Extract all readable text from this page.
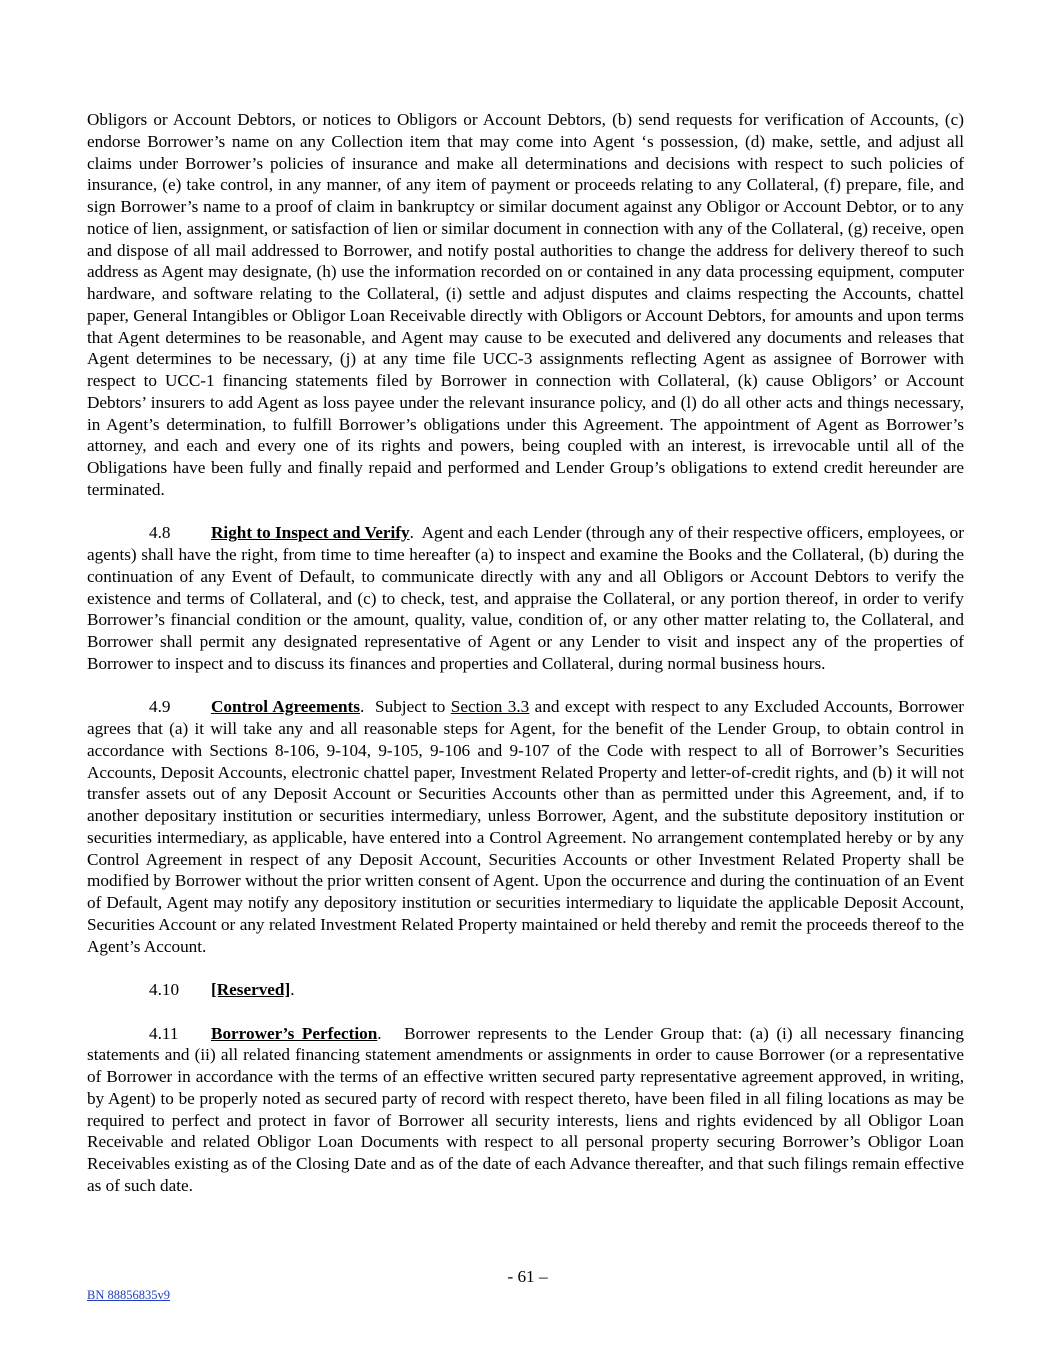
Obligors or Account Debtors, or notices to Obligors or Account Debtors, (b) send requests for verification of Accounts, (c) endorse Borrower’s name on any Collection item that may come into Agent ‘s possession, (d) make, settle, and adjust all claims under Borrower’s policies of insurance and make all determinations and decisions with respect to such policies of insurance, (e) take control, in any manner, of any item of payment or proceeds relating to any Collateral, (f) prepare, file, and sign Borrower’s name to a proof of claim in bankruptcy or similar document against any Obligor or Account Debtor, or to any notice of lien, assignment, or satisfaction of lien or similar document in connection with any of the Collateral, (g) receive, open and dispose of all mail addressed to Borrower, and notify postal authorities to change the address for delivery thereof to such address as Agent may designate, (h) use the information recorded on or contained in any data processing equipment, computer hardware, and software relating to the Collateral, (i) settle and adjust disputes and claims respecting the Accounts, chattel paper, General Intangibles or Obligor Loan Receivable directly with Obligors or Account Debtors, for amounts and upon terms that Agent determines to be reasonable, and Agent may cause to be executed and delivered any documents and releases that Agent determines to be necessary, (j) at any time file UCC-3 assignments reflecting Agent as assignee of Borrower with respect to UCC-1 financing statements filed by Borrower in connection with Collateral, (k) cause Obligors’ or Account Debtors’ insurers to add Agent as loss payee under the relevant insurance policy, and (l) do all other acts and things necessary, in Agent’s determination, to fulfill Borrower’s obligations under this Agreement. The appointment of Agent as Borrower’s attorney, and each and every one of its rights and powers, being coupled with an interest, is irrevocable until all of the Obligations have been fully and finally repaid and performed and Lender Group’s obligations to extend credit hereunder are terminated.

4.8 Right to Inspect and Verify. Agent and each Lender (through any of their respective officers, employees, or agents) shall have the right, from time to time hereafter (a) to inspect and examine the Books and the Collateral, (b) during the continuation of any Event of Default, to communicate directly with any and all Obligors or Account Debtors to verify the existence and terms of Collateral, and (c) to check, test, and appraise the Collateral, or any portion thereof, in order to verify Borrower’s financial condition or the amount, quality, value, condition of, or any other matter relating to, the Collateral, and Borrower shall permit any designated representative of Agent or any Lender to visit and inspect any of the properties of Borrower to inspect and to discuss its finances and properties and Collateral, during normal business hours.

4.9 Control Agreements. Subject to Section 3.3 and except with respect to any Excluded Accounts, Borrower agrees that (a) it will take any and all reasonable steps for Agent, for the benefit of the Lender Group, to obtain control in accordance with Sections 8-106, 9-104, 9-105, 9-106 and 9-107 of the Code with respect to all of Borrower’s Securities Accounts, Deposit Accounts, electronic chattel paper, Investment Related Property and letter-of-credit rights, and (b) it will not transfer assets out of any Deposit Account or Securities Accounts other than as permitted under this Agreement, and, if to another depositary institution or securities intermediary, unless Borrower, Agent, and the substitute depository institution or securities intermediary, as applicable, have entered into a Control Agreement. No arrangement contemplated hereby or by any Control Agreement in respect of any Deposit Account, Securities Accounts or other Investment Related Property shall be modified by Borrower without the prior written consent of Agent. Upon the occurrence and during the continuation of an Event of Default, Agent may notify any depository institution or securities intermediary to liquidate the applicable Deposit Account, Securities Account or any related Investment Related Property maintained or held thereby and remit the proceeds thereof to the Agent’s Account.

4.10 [Reserved].

4.11 Borrower’s Perfection. Borrower represents to the Lender Group that: (a) (i) all necessary financing statements and (ii) all related financing statement amendments or assignments in order to cause Borrower (or a representative of Borrower in accordance with the terms of an effective written secured party representative agreement approved, in writing, by Agent) to be properly noted as secured party of record with respect thereto, have been filed in all filing locations as may be required to perfect and protect in favor of Borrower all security interests, liens and rights evidenced by all Obligor Loan Receivable and related Obligor Loan Documents with respect to all personal property securing Borrower’s Obligor Loan Receivables existing as of the Closing Date and as of the date of each Advance thereafter, and that such filings remain effective as of such date.

- 61 –
BN 88856835v9
